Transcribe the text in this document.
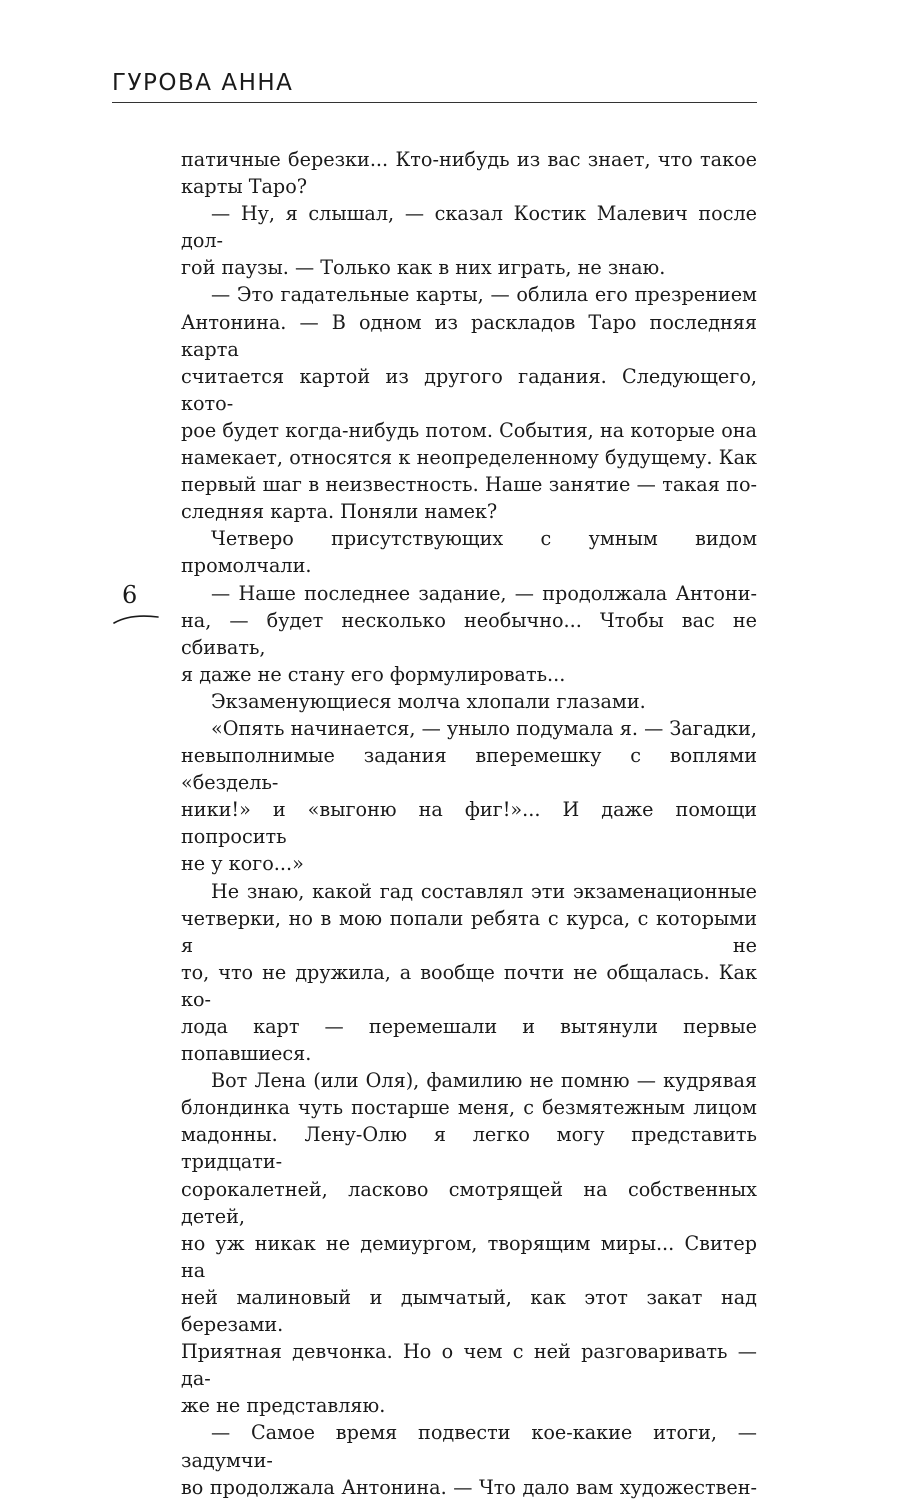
ГУРОВА АННА
6

патичные березки... Кто-нибудь из вас знает, что такое

карты Таро?

— Ну, я слышал, — сказал Костик Малевич после дол-

гой паузы. — Только как в них играть, не знаю.

— Это гадательные карты, — облила его презрением

Антонина. — В одном из раскладов Таро последняя карта

считается картой из другого гадания. Следующего, кото-

рое будет когда-нибудь потом. События, на которые она

намекает, относятся к неопределенному будущему. Как

первый шаг в неизвестность. Наше занятие — такая по-

следняя карта. Поняли намек?

Четверо присутствующих с умным видом промолчали.

— Наше последнее задание, — продолжала Антони-

на, — будет несколько необычно... Чтобы вас не сбивать,

я даже не стану его формулировать...

Экзаменующиеся молча хлопали глазами.

«Опять начинается, — уныло подумала я. — Загадки,

невыполнимые задания вперемешку с воплями «бездель-

ники!» и «выгоню на фиг!»... И даже помощи попросить

не у кого...»

Не знаю, какой гад составлял эти экзаменационные

четверки, но в мою попали ребята с курса, с которыми я не

то, что не дружила, а вообще почти не общалась. Как ко-

лода карт — перемешали и вытянули первые попавшиеся.

Вот Лена (или Оля), фамилию не помню — кудрявая

блондинка чуть постарше меня, с безмятежным лицом

мадонны. Лену-Олю я легко могу представить тридцати-

сорокалетней, ласково смотрящей на собственных детей,

но уж никак не демиургом, творящим миры... Свитер на

ней малиновый и дымчатый, как этот закат над березами.

Приятная девчонка. Но о чем с ней разговаривать — да-

же не представляю.

— Самое время подвести кое-какие итоги, — задумчи-

во продолжала Антонина. — Что дало вам художествен-
